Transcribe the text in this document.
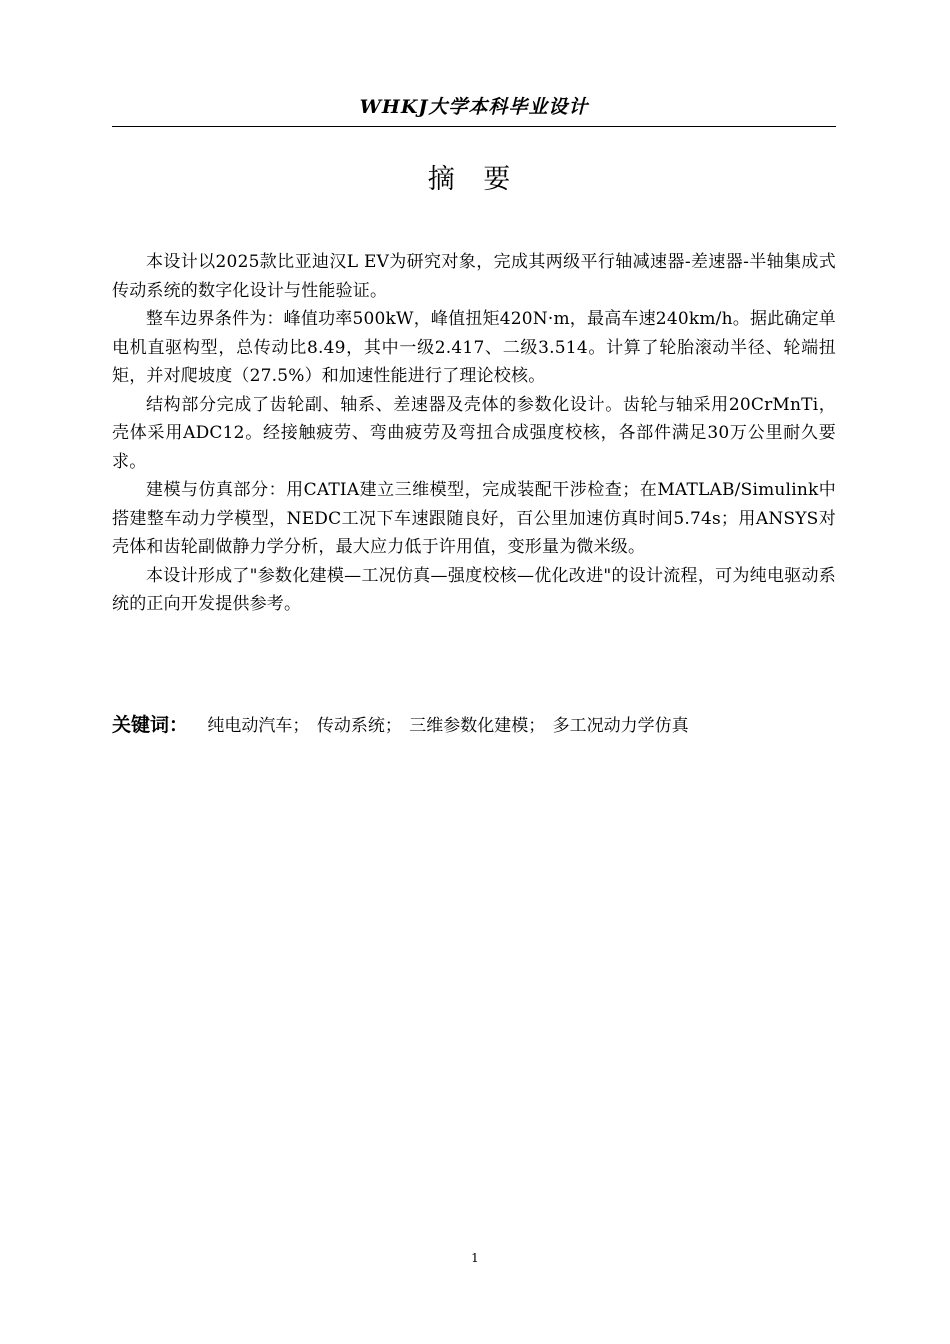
WHKJ大学本科毕业设计
摘 要

本设计以2025款比亚迪汉L EV为研究对象，完成其两级平行轴减速器-差速器-半轴集成式传动系统的数字化设计与性能验证。

整车边界条件为：峰值功率500kW，峰值扭矩420N·m，最高车速240km/h。据此确定单电机直驱构型，总传动比8.49，其中一级2.417、二级3.514。计算了轮胎滚动半径、轮端扭矩，并对爬坡度（27.5%）和加速性能进行了理论校核。

结构部分完成了齿轮副、轴系、差速器及壳体的参数化设计。齿轮与轴采用20CrMnTi，壳体采用ADC12。经接触疲劳、弯曲疲劳及弯扭合成强度校核，各部件满足30万公里耐久要求。

建模与仿真部分：用CATIA建立三维模型，完成装配干涉检查；在MATLAB/Simulink中搭建整车动力学模型，NEDC工况下车速跟随良好，百公里加速仿真时间5.74s；用ANSYS对壳体和齿轮副做静力学分析，最大应力低于许用值，变形量为微米级。

本设计形成了"参数化建模—工况仿真—强度校核—优化改进"的设计流程，可为纯电驱动系统的正向开发提供参考。

关键词： 纯电动汽车； 传动系统； 三维参数化建模； 多工况动力学仿真
1
